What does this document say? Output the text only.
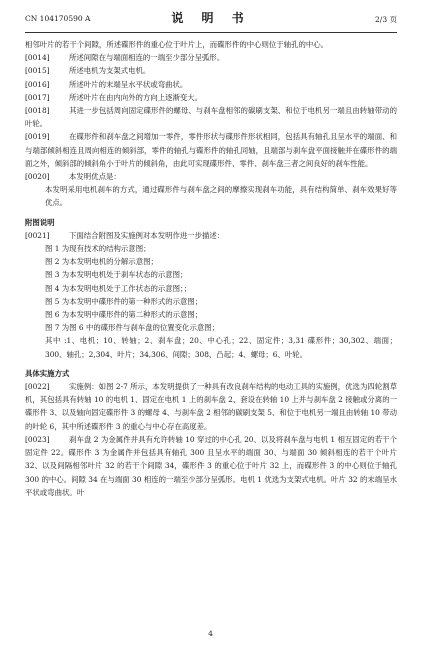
CN 104170590 A	说 明 书	2/3 页

相邻叶片的若干个间隙，所述碟形件的重心位于叶片上，而碟形件的中心则位于轴孔的中心。

[0014]	所述间隙在与端面相连的一端至少部分呈弧形。

[0015]	所述电机为支架式电机。

[0016]	所述叶片的末端呈水平状或弯曲状。

[0017]	所述叶片在由内向外的方向上逐渐变大。

[0018]	其进一步包括周向固定碟形件的螺母、与刹车盘相邻的碳刷支架、和位于电机另一端且由转轴带动的叶轮。

[0019]	在碟形件和刹车盘之间增加一零件，零件形状与碟形件形状相同，包括具有轴孔且呈水平的端面、和与端部倾斜相连且周向相连的倾斜部，零件的轴孔与碟形件的轴孔同轴，且端部与刹车盘平面接触并在碟形件的端面之外，倾斜部的倾斜角小于叶片的倾斜角，由此可实现碟形件、零件、刹车盘三者之间良好的刹车性能。

[0020]	本发明优点是：

本发明采用电机刹车的方式，通过碟形件与刹车盘之间的摩擦实现刹车功能，具有结构简单、刹车效果好等优点。

附图说明

[0021]	下面结合附图及实施例对本发明作进一步描述：

图 1 为现有技术的结构示意图；

图 2 为本发明电机的分解示意图；

图 3 为本发明电机处于刹车状态的示意图；

图 4 为本发明电机处于工作状态的示意图；；

图 5 为本发明中碟形件的第一种形式的示意图；

图 6 为本发明中碟形件的第二种形式的示意图；

图 7 为图 6 中的碟形件与刹车盘的位置变化示意图；

其中 :1、电机；10、转轴；2、刹车盘；20、中心孔；22、固定件；3,31 碟形件；30,302、端面；300、轴孔；2,304、叶片；34,306、间隙；308、凸起；4、螺母；6、叶轮。

具体实施方式

[0022]	实施例：如图 2-7 所示，本发明提供了一种具有改良刹车结构的电动工具的实施例，优选为四轮割草机，其包括具有转轴 10 的电机 1、固定在电机 1 上的刹车盘 2、套设在转轴 10 上并与刹车盘 2 接触或分离的一碟形件 3、以及轴向固定碟形件 3 的螺母 4、与刹车盘 2 相邻的碳刷支架 5、和位于电机另一端且由转轴 10 带动的叶轮 6，其中所述碟形件 3 的重心与中心存在高度差。

[0023]	刹车盘 2 为金属件并具有允许转轴 10 穿过的中心孔 20、以及将刹车盘与电机 1 相互固定的若干个固定件 22。碟形件 3 为金属件并包括具有轴孔 300 且呈水平的端面 30、与端面 30 倾斜相连的若干个叶片 32、以及间隔相邻叶片 32 的若干个间隙 34，碟形件 3 的重心位于叶片 32 上，而碟形件 3 的中心则位于轴孔 300 的中心。间隙 34 在与端面 30 相连的一端至少部分呈弧形。电机 1 优选为支架式电机。叶片 32 的末端呈水平状或弯曲状。叶

4
